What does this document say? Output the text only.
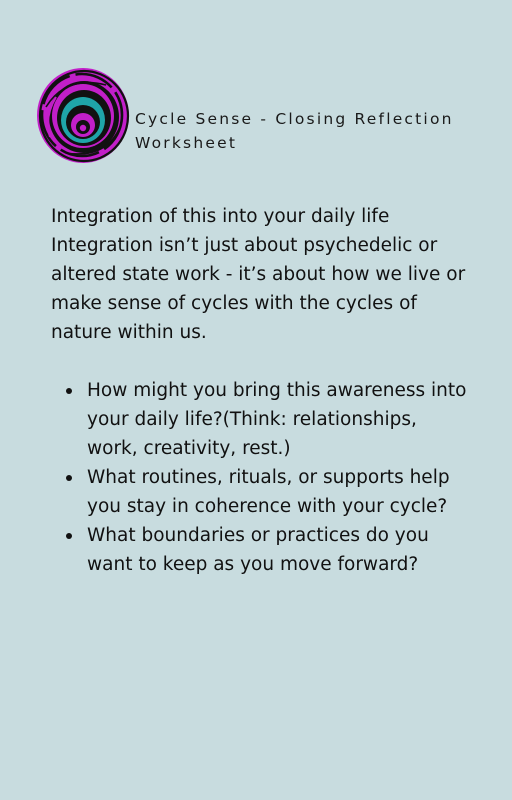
Cycle Sense - Closing Reflection Worksheet

Integration of this into your daily life
Integration isn’t just about psychedelic or altered state work - it’s about how we live or make sense of cycles with the cycles of nature within us.

How might you bring this awareness into your daily life?(Think: relationships, work, creativity, rest.)
What routines, rituals, or supports help you stay in coherence with your cycle?
What boundaries or practices do you want to keep as you move forward?
